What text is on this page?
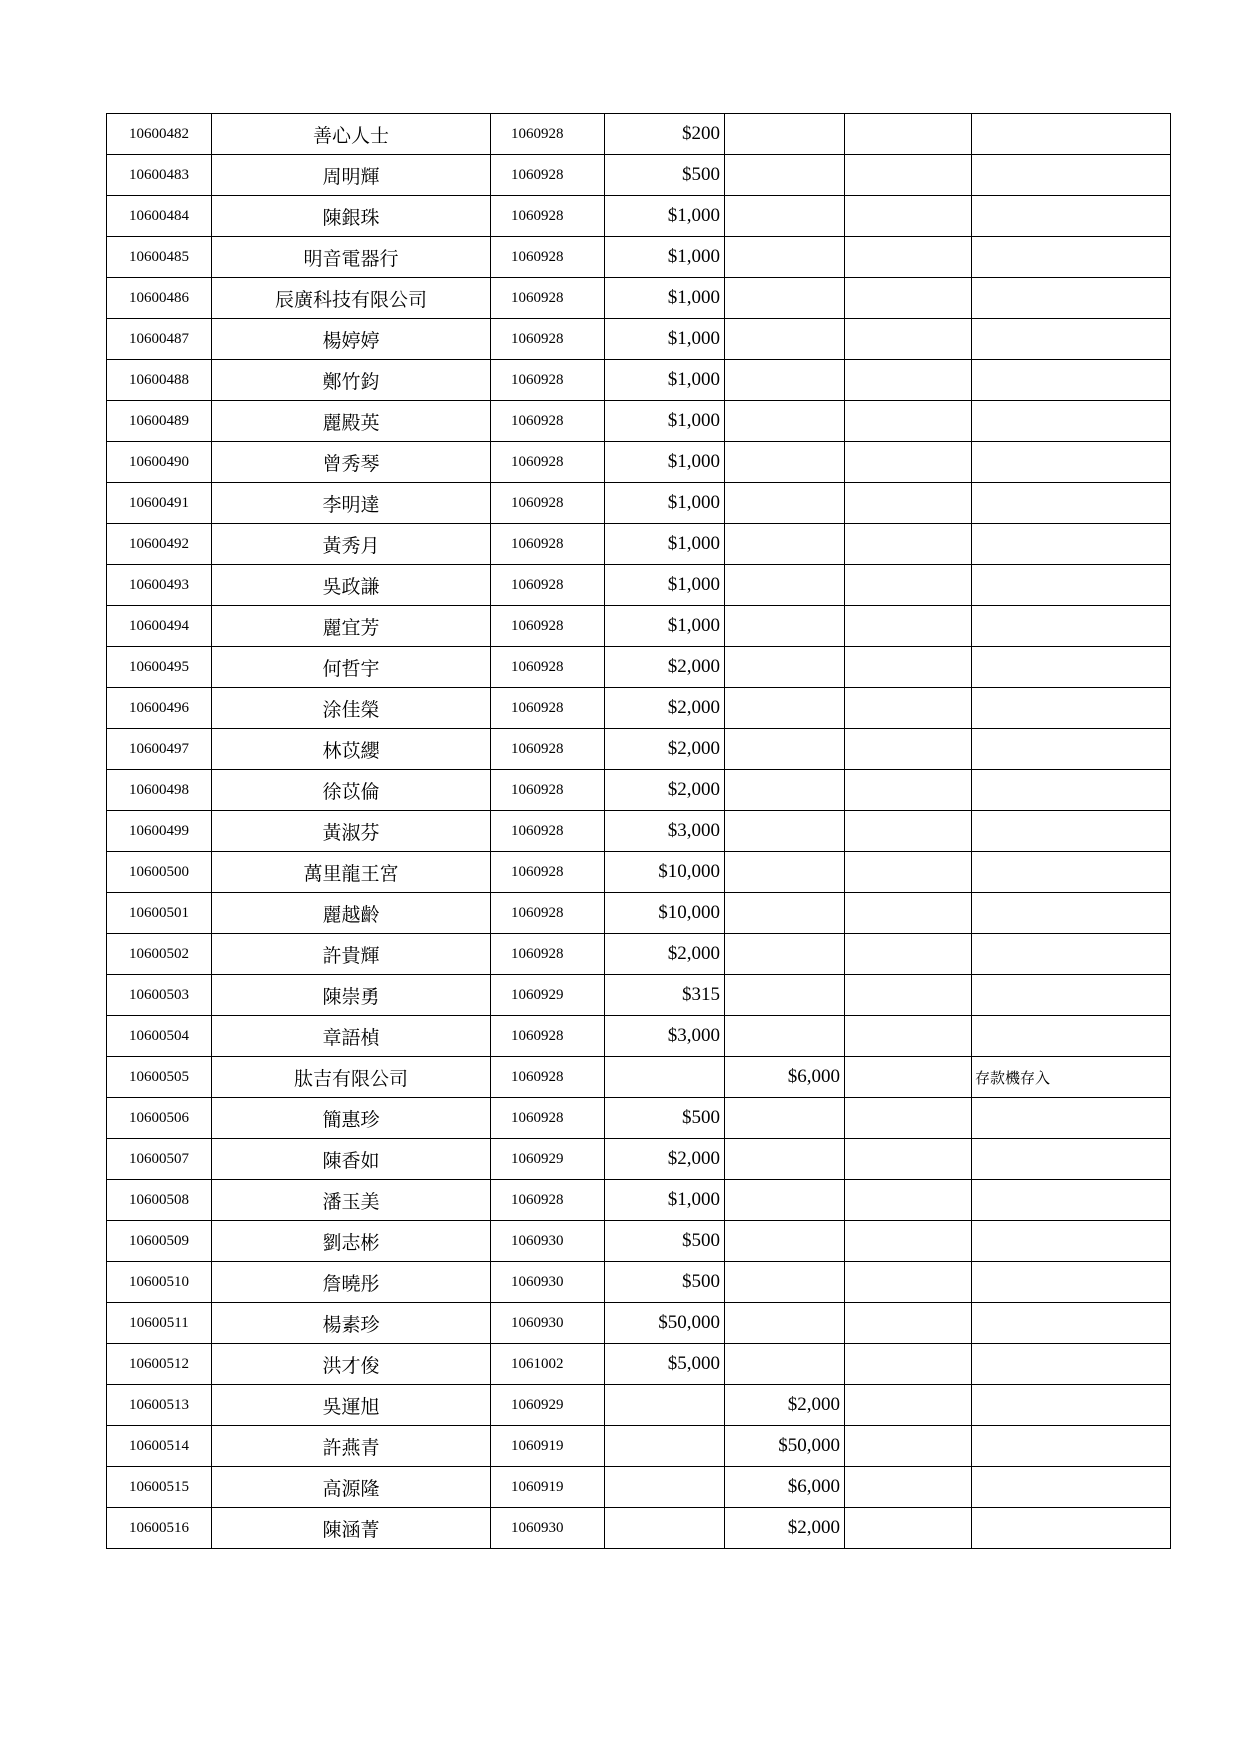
10600482	善心人士	1060928	$200			
10600483	周明輝	1060928	$500			
10600484	陳銀珠	1060928	$1,000			
10600485	明音電器行	1060928	$1,000			
10600486	辰廣科技有限公司	1060928	$1,000			
10600487	楊婷婷	1060928	$1,000			
10600488	鄭竹鈞	1060928	$1,000			
10600489	麗殿英	1060928	$1,000			
10600490	曾秀琴	1060928	$1,000			
10600491	李明達	1060928	$1,000			
10600492	黃秀月	1060928	$1,000			
10600493	吳政謙	1060928	$1,000			
10600494	麗宜芳	1060928	$1,000			
10600495	何哲宇	1060928	$2,000			
10600496	涂佳榮	1060928	$2,000			
10600497	林苡纓	1060928	$2,000			
10600498	徐苡倫	1060928	$2,000			
10600499	黃淑芬	1060928	$3,000			
10600500	萬里龍王宮	1060928	$10,000			
10600501	麗越齡	1060928	$10,000			
10600502	許貴輝	1060928	$2,000			
10600503	陳崇勇	1060929	$315			
10600504	章語楨	1060928	$3,000			
10600505	肽吉有限公司	1060928		$6,000		存款機存入
10600506	簡惠珍	1060928	$500			
10600507	陳香如	1060929	$2,000			
10600508	潘玉美	1060928	$1,000			
10600509	劉志彬	1060930	$500			
10600510	詹曉彤	1060930	$500			
10600511	楊素珍	1060930	$50,000			
10600512	洪才俊	1061002	$5,000			
10600513	吳運旭	1060929		$2,000		
10600514	許燕青	1060919		$50,000		
10600515	高源隆	1060919		$6,000		
10600516	陳涵菁	1060930		$2,000		
